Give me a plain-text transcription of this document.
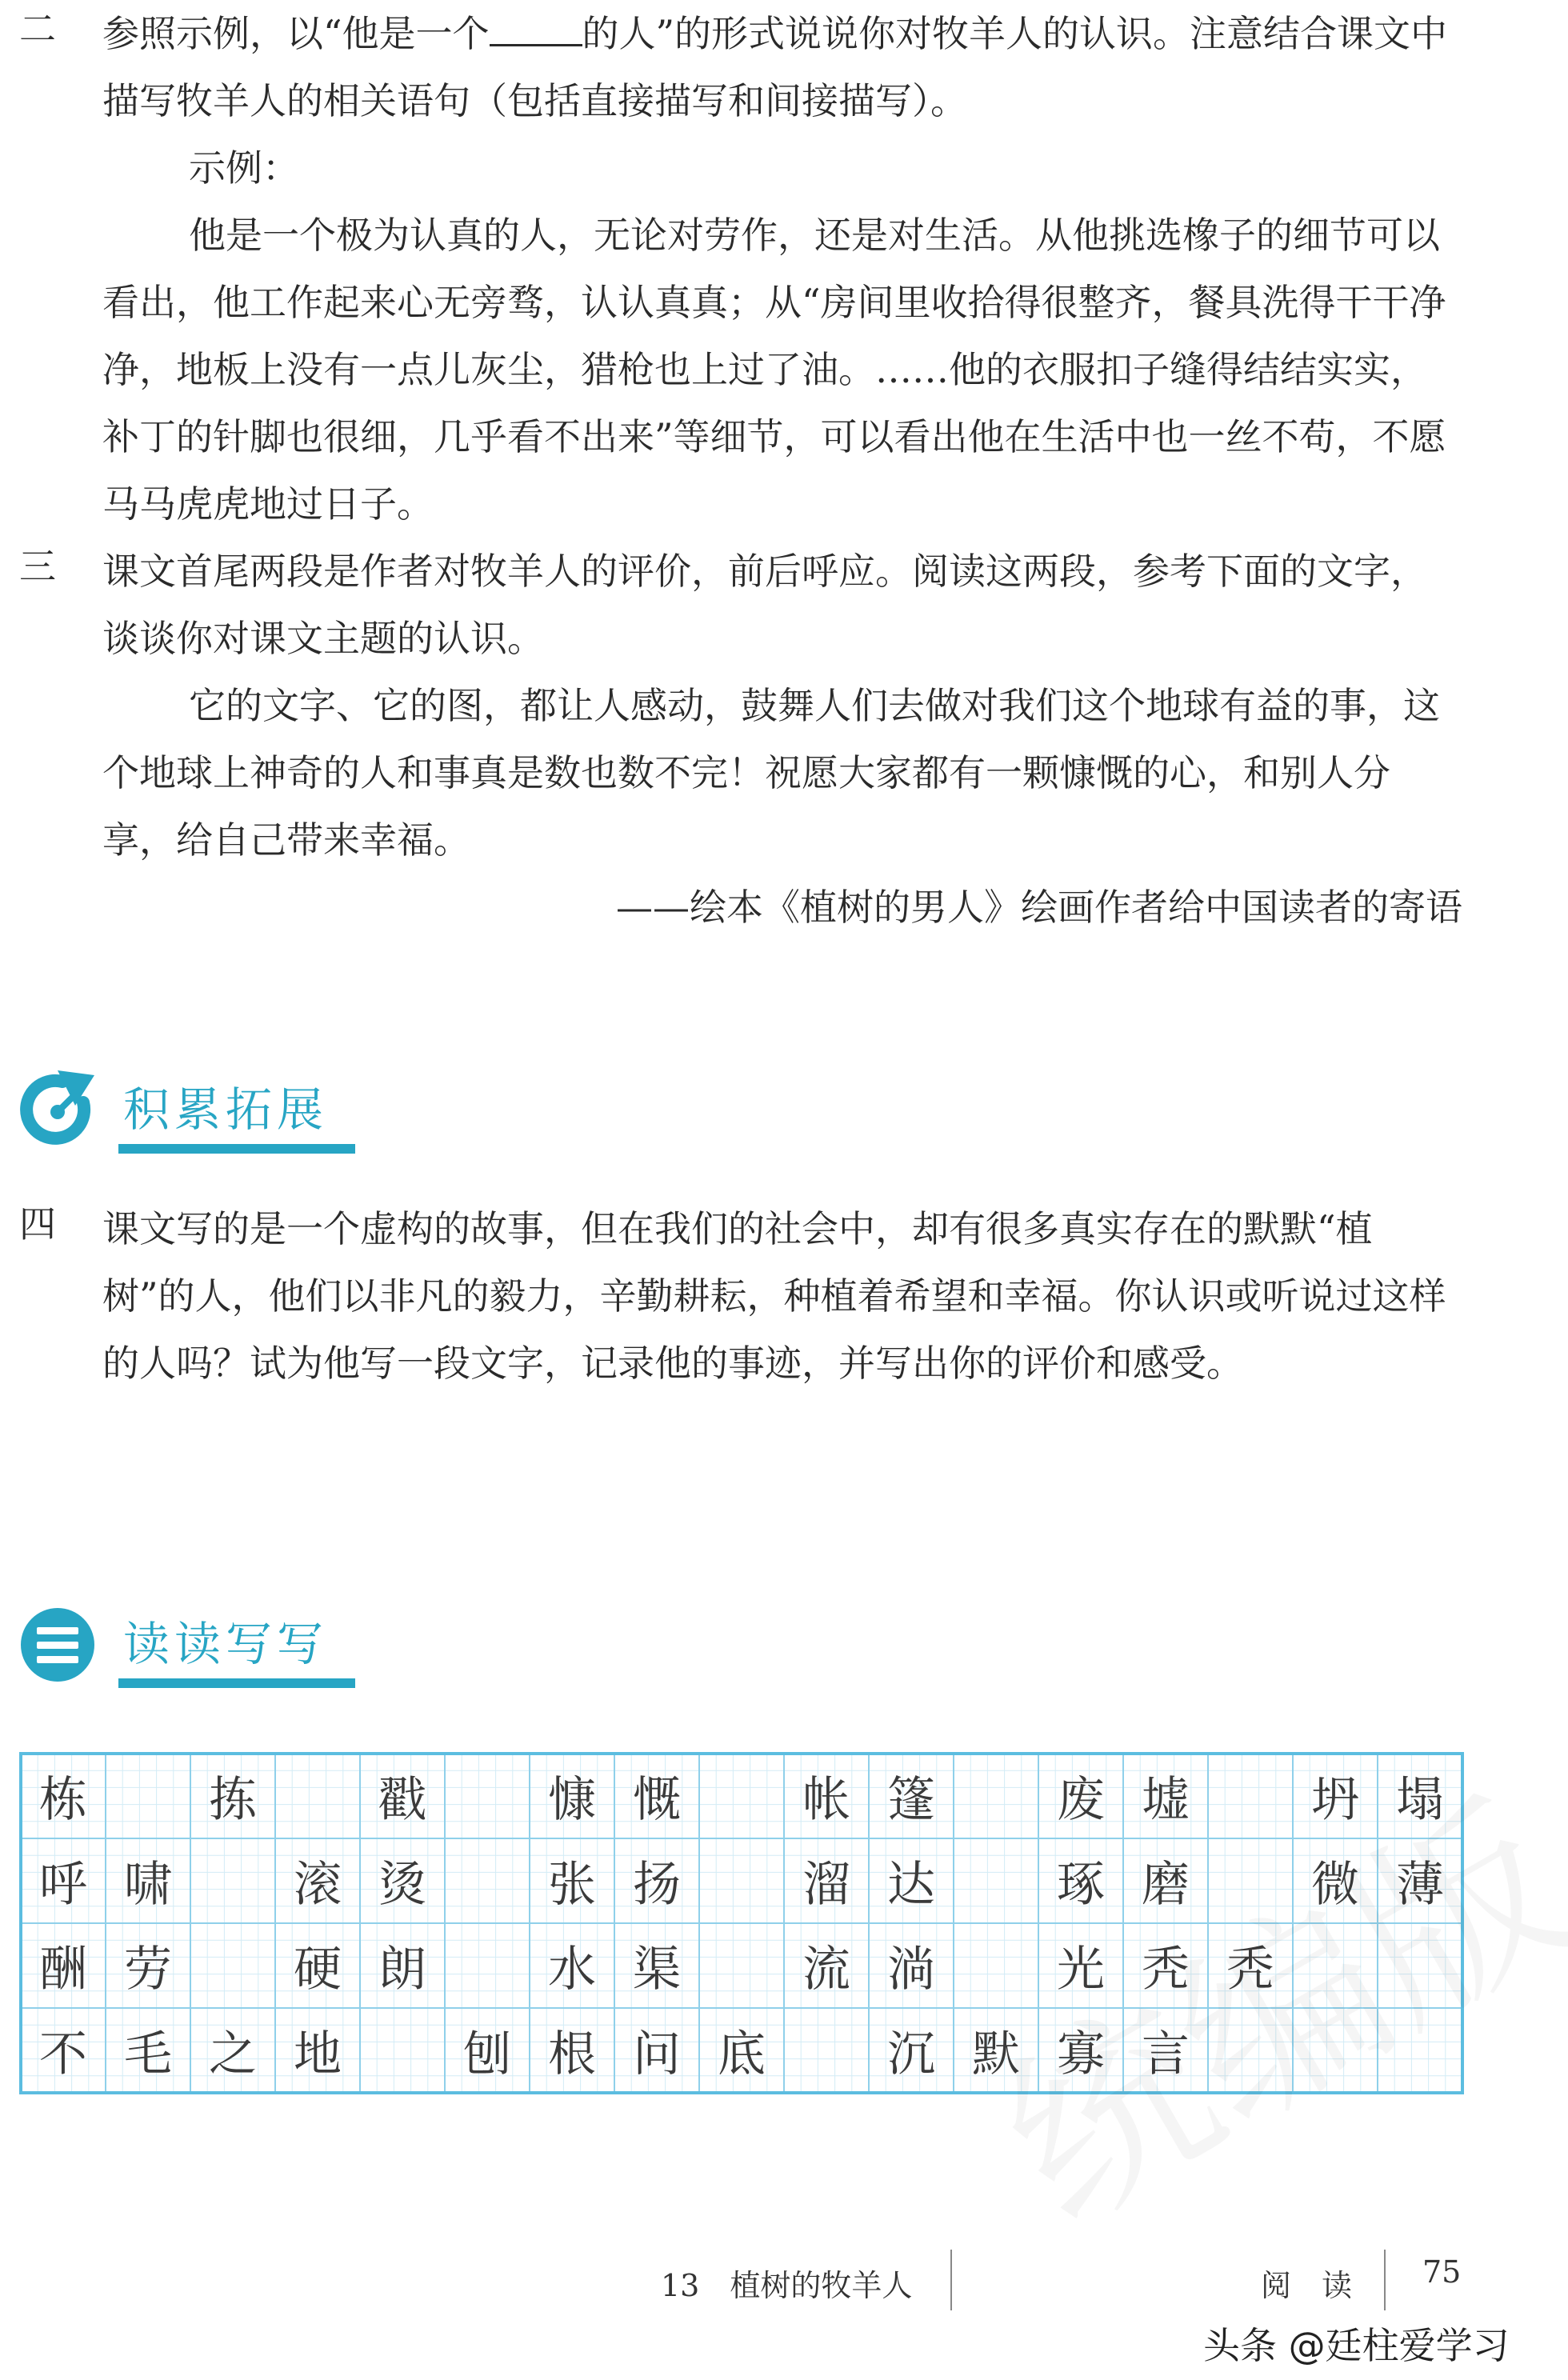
二 参照示例，以“他是一个	的人”的形式说说你对牧羊人的认识。注意结合课文中描写牧羊人的相关语句（包括直接描写和间接描写）。

示例：

他是一个极为认真的人，无论对劳作，还是对生活。从他挑选橡子的细节可以看出，他工作起来心无旁骛，认认真真；从“房间里收拾得很整齐，餐具洗得干干净净，地板上没有一点儿灰尘，猎枪也上过了油。……他的衣服扣子缝得结结实实，补丁的针脚也很细，几乎看不出来”等细节，可以看出他在生活中也一丝不苟，不愿马马虎虎地过日子。

三 课文首尾两段是作者对牧羊人的评价，前后呼应。阅读这两段，参考下面的文字，谈谈你对课文主题的认识。

它的文字、它的图，都让人感动，鼓舞人们去做对我们这个地球有益的事，这个地球上神奇的人和事真是数也数不完！祝愿大家都有一颗慷慨的心，和别人分享，给自己带来幸福。

——绘本《植树的男人》绘画作者给中国读者的寄语

积累拓展
四 课文写的是一个虚构的故事，但在我们的社会中，却有很多真实存在的默默“植树”的人，他们以非凡的毅力，辛勤耕耘，种植着希望和幸福。你认识或听说过这样的人吗？试为他写一段文字，记录他的事迹，并写出你的评价和感受。

读读写写
栋	拣	戳	慷 慨	帐 篷	废 墟	坍 塌
呼 啸	滚 烫	张 扬	溜 达	琢 磨	微 薄
酬 劳	硬 朗	水 渠	流 淌	光 秃 秃
不 毛 之 地	刨 根 问 底	沉 默 寡 言
13　植树的牧羊人	阅　读 75
头条 @廷柱爱学习
